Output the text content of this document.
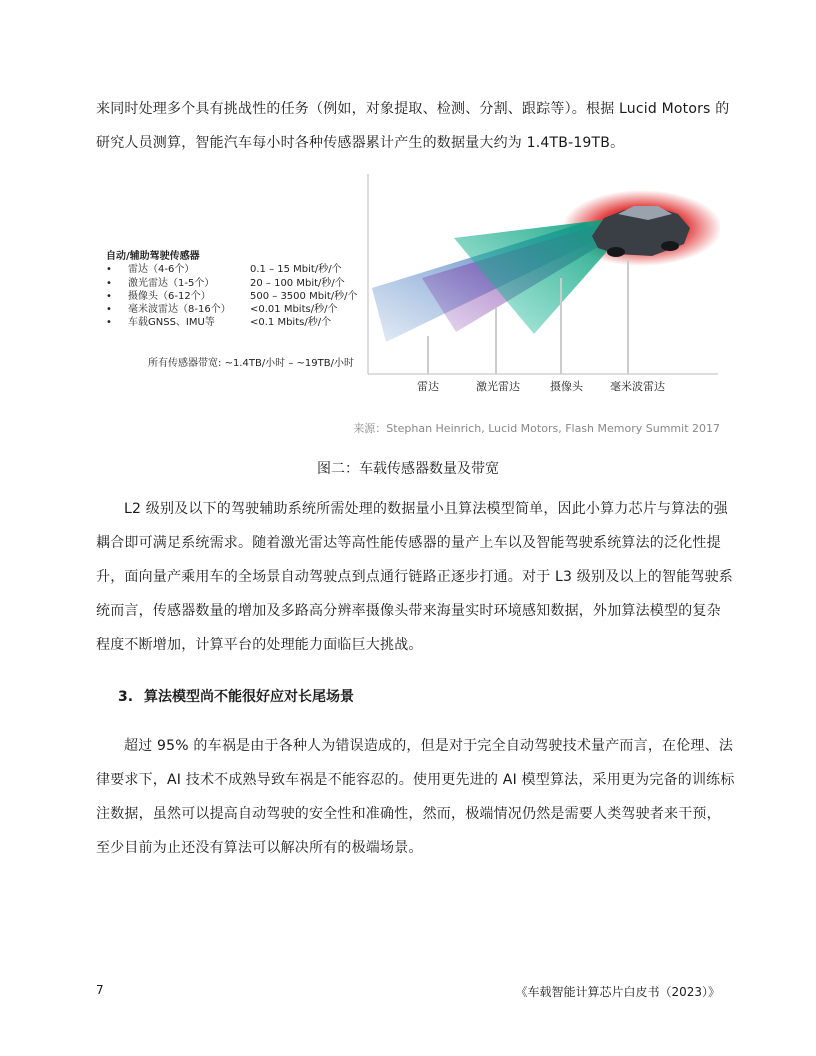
来同时处理多个具有挑战性的任务（例如，对象提取、检测、分割、跟踪等）。根据 Lucid Motors 的
研究人员测算，智能汽车每小时各种传感器累计产生的数据量大约为 1.4TB-19TB。
自动/辅助驾驶传感器
• 雷达（4-6个）	0.1 – 15 Mbit/秒/个
• 激光雷达（1-5个）	20 – 100 Mbit/秒/个
• 摄像头（6-12个）	500 – 3500 Mbit/秒/个
• 毫米波雷达（8-16个） <0.01 Mbits/秒/个
• 车载GNSS、IMU等	<0.1 Mbits/秒/个
所有传感器带宽: ~1.4TB/小时 – ~19TB/小时
雷达	激光雷达	摄像头 毫米波雷达
来源：Stephan Heinrich, Lucid Motors, Flash Memory Summit 2017
图二：车载传感器数量及带宽
L2 级别及以下的驾驶辅助系统所需处理的数据量小且算法模型简单，因此小算力芯片与算法的强
耦合即可满足系统需求。随着激光雷达等高性能传感器的量产上车以及智能驾驶系统算法的泛化性提
升，面向量产乘用车的全场景自动驾驶点到点通行链路正逐步打通。对于 L3 级别及以上的智能驾驶系
统而言，传感器数量的增加及多路高分辨率摄像头带来海量实时环境感知数据，外加算法模型的复杂
程度不断增加，计算平台的处理能力面临巨大挑战。
3. 算法模型尚不能很好应对长尾场景
超过 95% 的车祸是由于各种人为错误造成的，但是对于完全自动驾驶技术量产而言，在伦理、法
律要求下，AI 技术不成熟导致车祸是不能容忍的。使用更先进的 AI 模型算法，采用更为完备的训练标
注数据，虽然可以提高自动驾驶的安全性和准确性，然而，极端情况仍然是需要人类驾驶者来干预，
至少目前为止还没有算法可以解决所有的极端场景。
7	《车载智能计算芯片白皮书（2023）》
